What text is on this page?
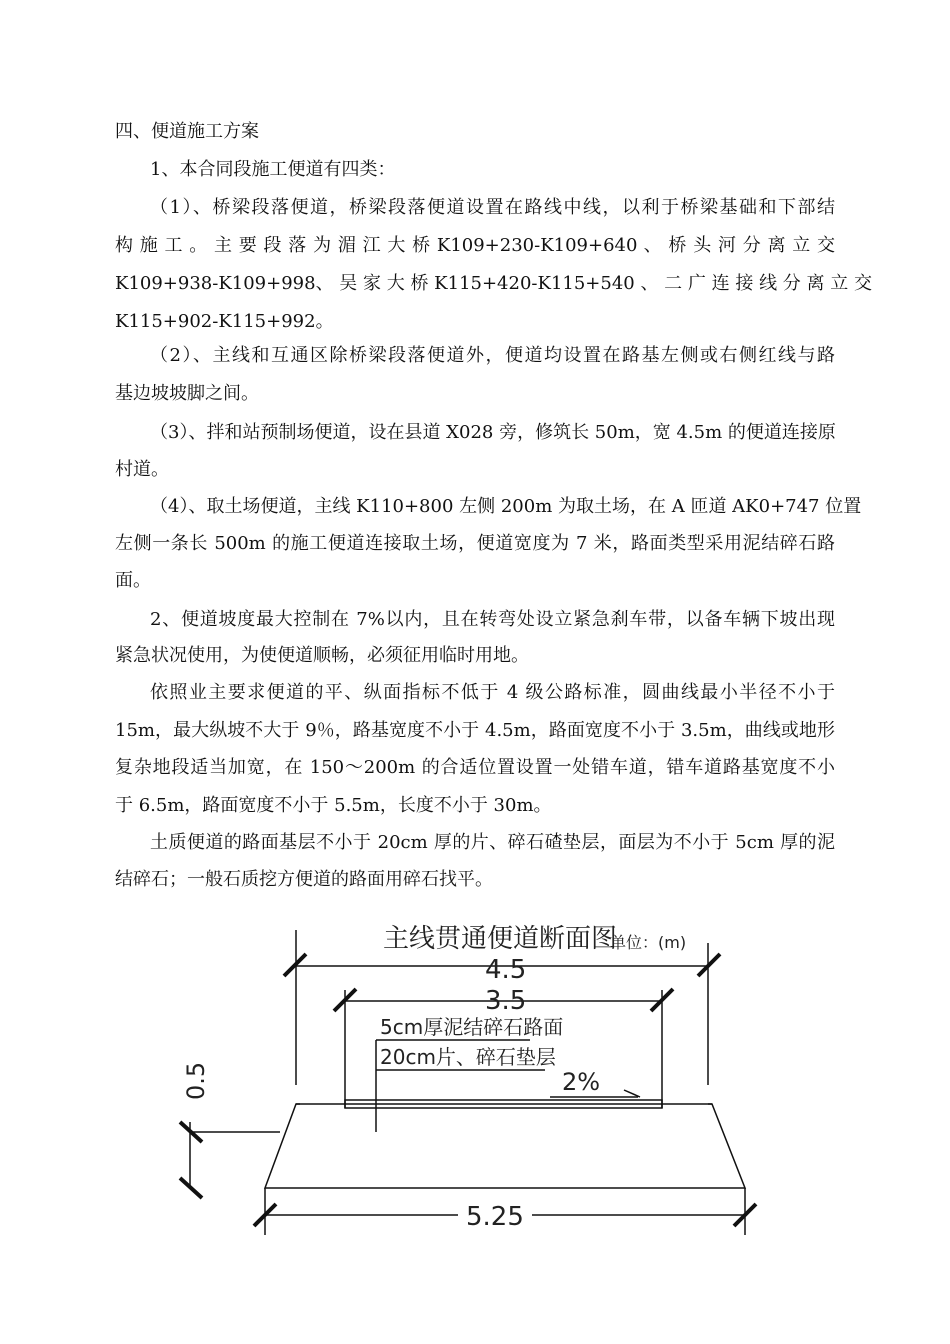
四、便道施工方案
1、本合同段施工便道有四类：
（1）、桥梁段落便道，桥梁段落便道设置在路线中线，以利于桥梁基础和下部结
构 施 工 。 主 要 段 落 为 湄 江 大 桥 K109+230-K109+640 、 桥 头 河 分 离 立 交
K109+938-K109+998、 吴 家 大 桥 K115+420-K115+540 、 二 广 连 接 线 分 离 立 交
K115+902-K115+992。
（2）、主线和互通区除桥梁段落便道外，便道均设置在路基左侧或右侧红线与路
基边坡坡脚之间。
（3）、拌和站预制场便道，设在县道 X028 旁，修筑长 50m，宽 4.5m 的便道连接原
村道。
（4）、取土场便道，主线 K110+800 左侧 200m 为取土场，在 A 匝道 AK0+747 位置
左侧一条长 500m 的施工便道连接取土场，便道宽度为 7 米，路面类型采用泥结碎石路
面。
2、便道坡度最大控制在 7%以内，且在转弯处设立紧急刹车带，以备车辆下坡出现
紧急状况使用，为使便道顺畅，必须征用临时用地。
依照业主要求便道的平、纵面指标不低于 4 级公路标准，圆曲线最小半径不小于
15m，最大纵坡不大于 9％，路基宽度不小于 4.5m，路面宽度不小于 3.5m，曲线或地形
复杂地段适当加宽，在 150～200m 的合适位置设置一处错车道，错车道路基宽度不小
于 6.5m，路面宽度不小于 5.5m，长度不小于 30m。
土质便道的路面基层不小于 20cm 厚的片、碎石碴垫层，面层为不小于 5cm 厚的泥
结碎石；一般石质挖方便道的路面用碎石找平。
主线贯通便道断面图
单位：(m)
4.5
3.5
5cm厚泥结碎石路面
20cm片、碎石垫层
2%
0.5
5.25
